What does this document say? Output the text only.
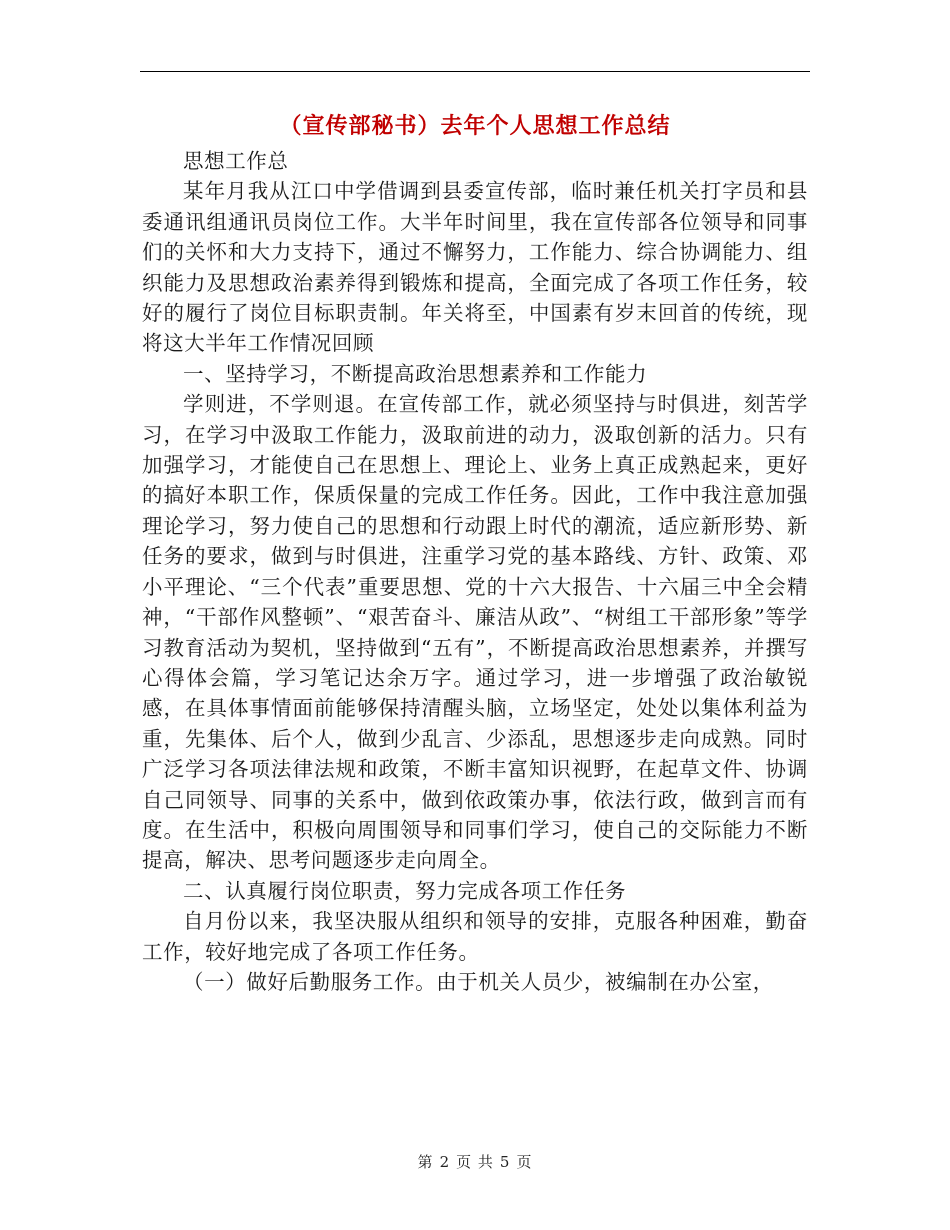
（宣传部秘书）去年个人思想工作总结

思想工作总

某年月我从江口中学借调到县委宣传部，临时兼任机关打字员和县委通讯组通讯员岗位工作。大半年时间里，我在宣传部各位领导和同事们的关怀和大力支持下，通过不懈努力，工作能力、综合协调能力、组织能力及思想政治素养得到锻炼和提高，全面完成了各项工作任务，较好的履行了岗位目标职责制。年关将至，中国素有岁末回首的传统，现将这大半年工作情况回顾

一、坚持学习，不断提高政治思想素养和工作能力

学则进，不学则退。在宣传部工作，就必须坚持与时俱进，刻苦学习，在学习中汲取工作能力，汲取前进的动力，汲取创新的活力。只有加强学习，才能使自己在思想上、理论上、业务上真正成熟起来，更好的搞好本职工作，保质保量的完成工作任务。因此，工作中我注意加强理论学习，努力使自己的思想和行动跟上时代的潮流，适应新形势、新任务的要求，做到与时俱进，注重学习党的基本路线、方针、政策、邓小平理论、“三个代表”重要思想、党的十六大报告、十六届三中全会精神，“干部作风整顿”、“艰苦奋斗、廉洁从政”、“树组工干部形象”等学习教育活动为契机，坚持做到“五有”，不断提高政治思想素养，并撰写心得体会篇，学习笔记达余万字。通过学习，进一步增强了政治敏锐感，在具体事情面前能够保持清醒头脑，立场坚定，处处以集体利益为重，先集体、后个人，做到少乱言、少添乱，思想逐步走向成熟。同时广泛学习各项法律法规和政策，不断丰富知识视野，在起草文件、协调自己同领导、同事的关系中，做到依政策办事，依法行政，做到言而有度。在生活中，积极向周围领导和同事们学习，使自己的交际能力不断提高，解决、思考问题逐步走向周全。

二、认真履行岗位职责，努力完成各项工作任务

自月份以来，我坚决服从组织和领导的安排，克服各种困难，勤奋工作，较好地完成了各项工作任务。

（一）做好后勤服务工作。由于机关人员少，被编制在办公室，

第 2 页 共 5 页
